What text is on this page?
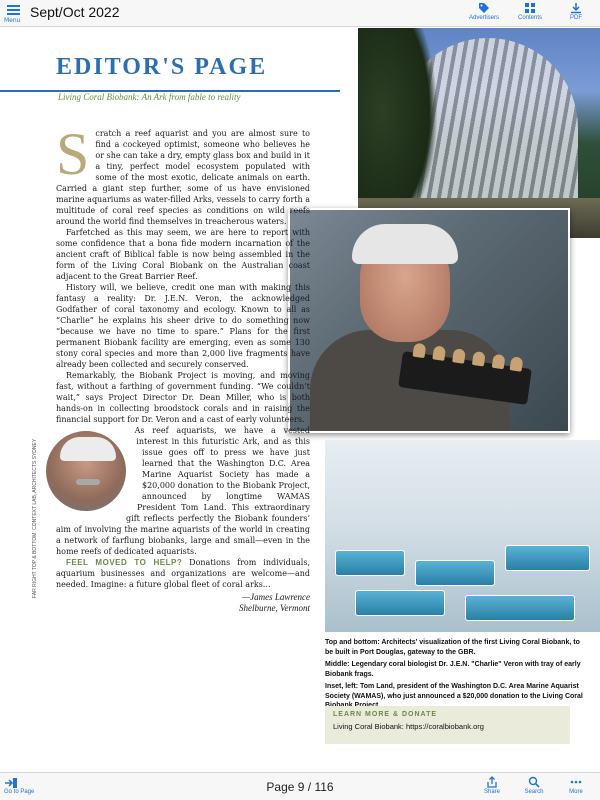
Menu
Sept/Oct 2022	Advertisers	Contents	PDF
EDITOR'S PAGE
Living Coral Biobank: An Ark from fable to reality
S cratch a reef aquarist and you are almost sure to find a cockeyed optimist, someone who believes he or she can take a dry, empty glass box and build in it a tiny, perfect model ecosystem populated with some of the most exotic, delicate animals on earth. Carried a giant step further, some of us have envisioned marine aquariums as water-filled Arks, vessels to carry forth a multitude of coral reef species as conditions on wild reefs around the world find themselves in treacherous waters.

Farfetched as this may seem, we are here to report with some confidence that a bona fide modern incarnation of the ancient craft of Biblical fable is now being assembled in the form of the Living Coral Biobank on the Australian coast adjacent to the Great Barrier Reef.

History will, we believe, credit one man with making this fantasy a reality: Dr. J.E.N. Veron, the acknowledged Godfather of coral taxonomy and ecology. Known to all as “Charlie” he explains his sheer drive to do something now “because we have no time to spare.” Plans for the first permanent Biobank facility are emerging, even as some 130 stony coral species and more than 2,000 live fragments have already been collected and securely conserved.

Remarkably, the Biobank Project is moving, and moving fast, without a farthing of government funding. “We couldn’t wait,” says Project Director Dr. Dean Miller, who is both hands-on in collecting broodstock corals and in raising the financial support for Dr. Veron and a cast of early volunteers.

As reef aquarists, we have a vested interest in this futuristic Ark, and as this issue goes off to press we have just learned that the Washington D.C. Area Marine Aquarist Society has made a $20,000 donation to the Biobank Project, announced by longtime WAMAS President Tom Land. This extraordinary gift reflects perfectly the Biobank founders’ aim of involving the marine aquarists of the world in creating a network of farflung biobanks, large and small—even in the home reefs of dedicated aquarists.

FEEL MOVED TO HELP? Donations from individuals, aquarium businesses and organizations are welcome—and needed. Imagine: a future global fleet of coral arks…

—James Lawrence
Shelburne, Vermont
FAR RIGHT TOP & BOTTOM: CONTEXT LAB, ARCHITECTS SYDNEY

Top and bottom: Architects' visualization of the first Living Coral Biobank, to be built in Port Douglas, gateway to the GBR.

Middle: Legendary coral biologist Dr. J.E.N. "Charlie" Veron with tray of early Biobank frags.

Inset, left: Tom Land, president of the Washington D.C. Area Marine Aquarist Society (WAMAS), who just announced a $20,000 donation to the Living Coral

LEARN MORE & DONATE
Living Coral Biobank: https://coralbiobank.org
Go to Page	Page 9 / 116	Share	Search	More
